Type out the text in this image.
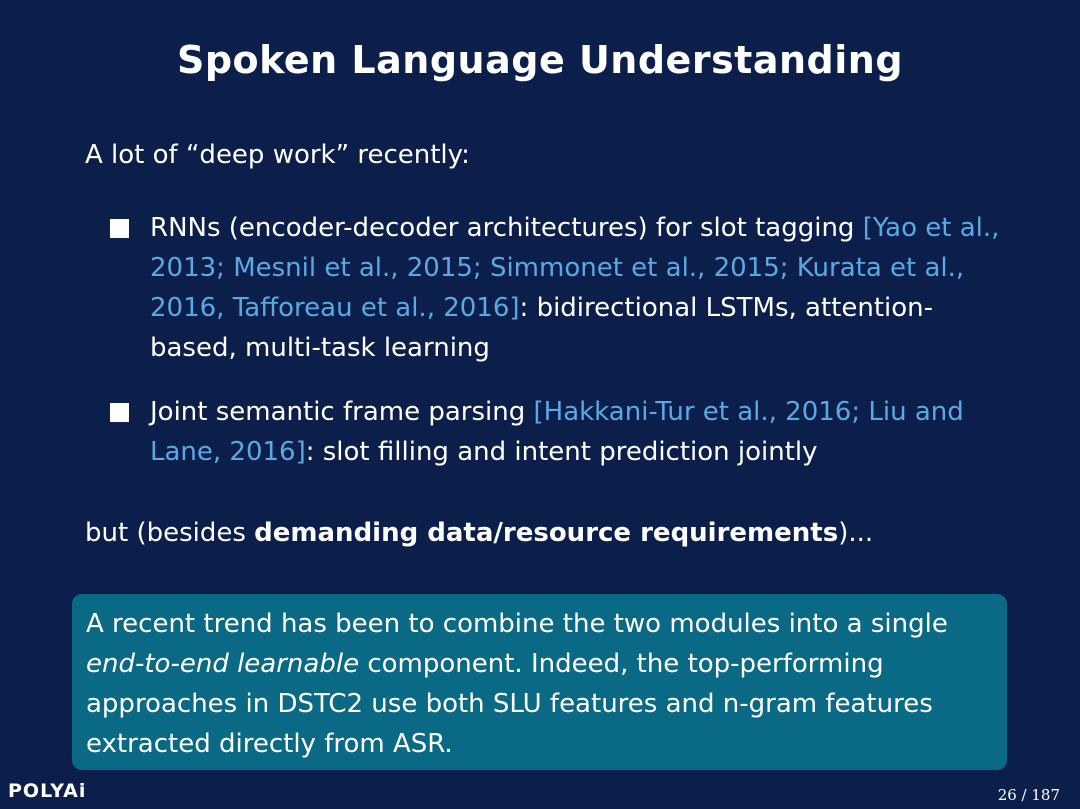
Spoken Language Understanding
A lot of “deep work” recently:
RNNs (encoder-decoder architectures) for slot tagging [Yao et al., 2013; Mesnil et al., 2015; Simmonet et al., 2015; Kurata et al., 2016, Tafforeau et al., 2016]: bidirectional LSTMs, attention-based, multi-task learning
Joint semantic frame parsing [Hakkani-Tur et al., 2016; Liu and Lane, 2016]: slot filling and intent prediction jointly
but (besides demanding data/resource requirements)...
A recent trend has been to combine the two modules into a single end-to-end learnable component. Indeed, the top-performing approaches in DSTC2 use both SLU features and n-gram features extracted directly from ASR.
POLYAi	26 / 187
